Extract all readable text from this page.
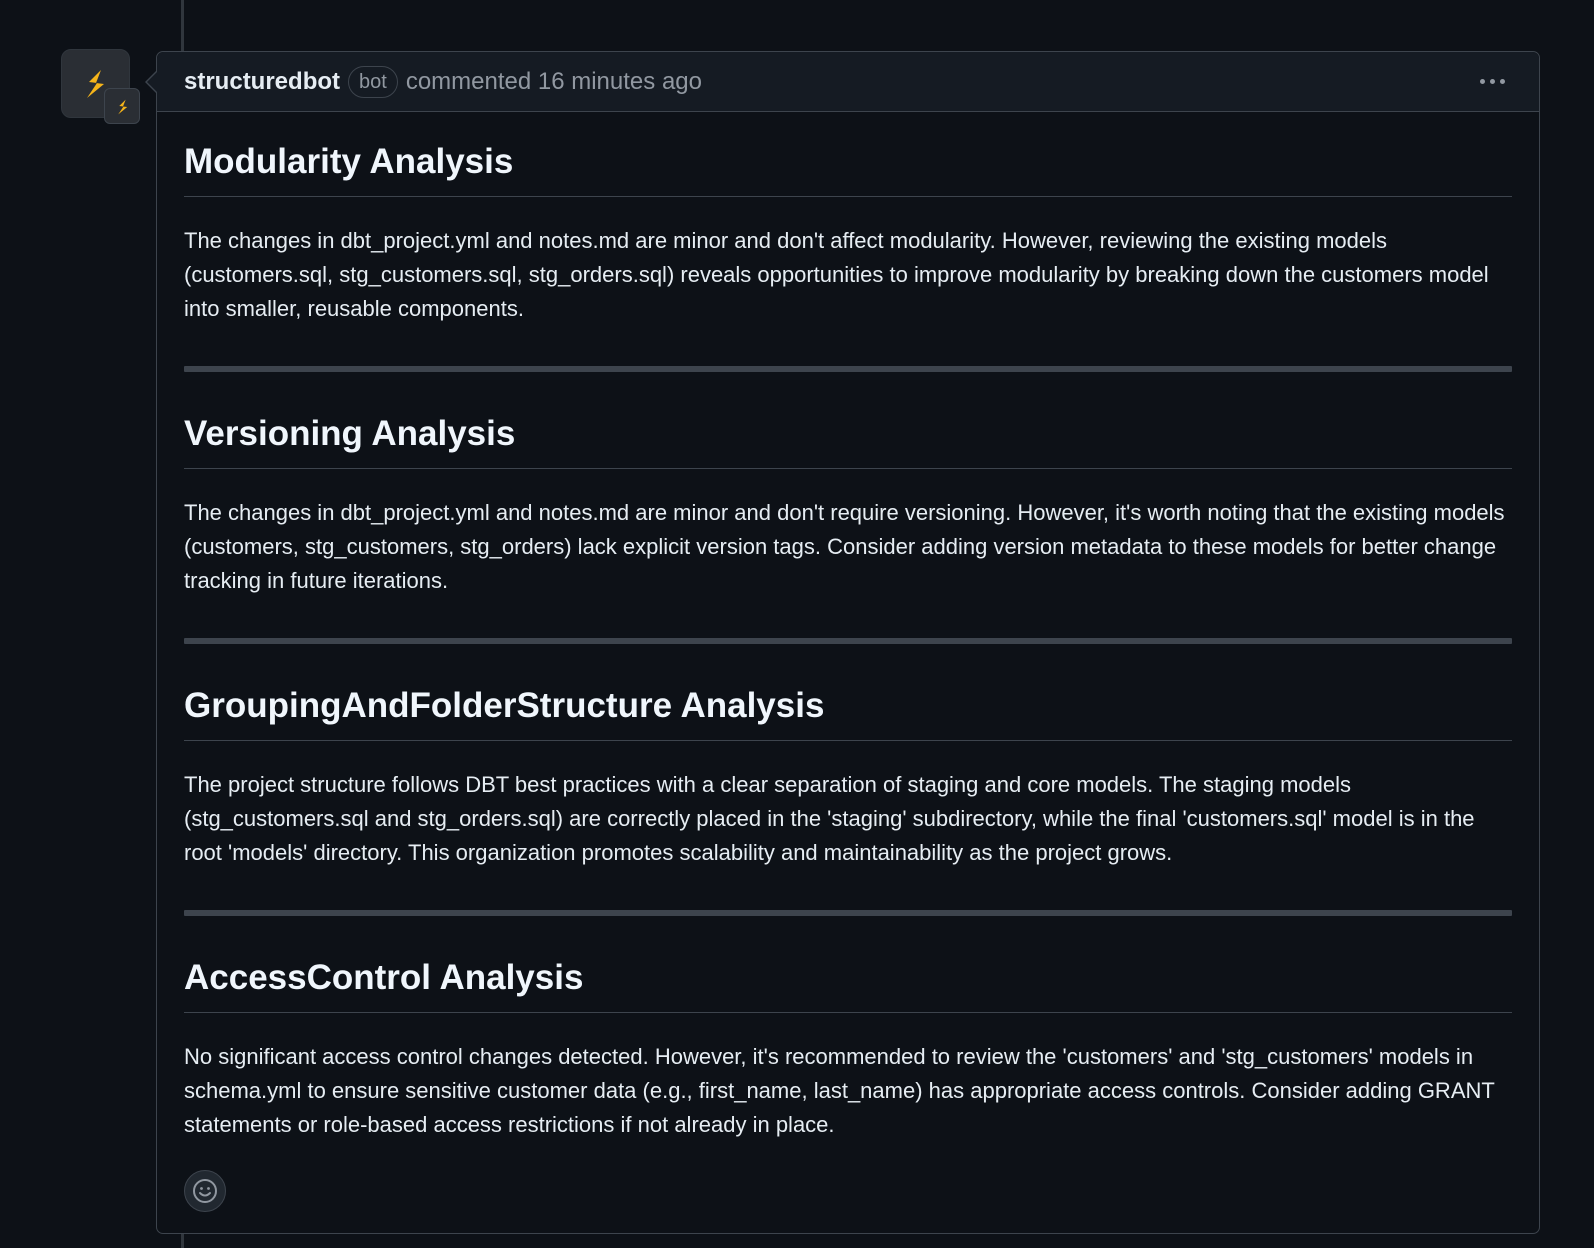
structuredbot bot commented 16 minutes ago
Modularity Analysis

The changes in dbt_project.yml and notes.md are minor and don't affect modularity. However, reviewing the existing models (customers.sql, stg_customers.sql, stg_orders.sql) reveals opportunities to improve modularity by breaking down the customers model into smaller, reusable components.

Versioning Analysis

The changes in dbt_project.yml and notes.md are minor and don't require versioning. However, it's worth noting that the existing models (customers, stg_customers, stg_orders) lack explicit version tags. Consider adding version metadata to these models for better change tracking in future iterations.

GroupingAndFolderStructure Analysis

The project structure follows DBT best practices with a clear separation of staging and core models. The staging models (stg_customers.sql and stg_orders.sql) are correctly placed in the 'staging' subdirectory, while the final 'customers.sql' model is in the root 'models' directory. This organization promotes scalability and maintainability as the project grows.

AccessControl Analysis

No significant access control changes detected. However, it's recommended to review the 'customers' and 'stg_customers' models in schema.yml to ensure sensitive customer data (e.g., first_name, last_name) has appropriate access controls. Consider adding GRANT statements or role-based access restrictions if not already in place.
